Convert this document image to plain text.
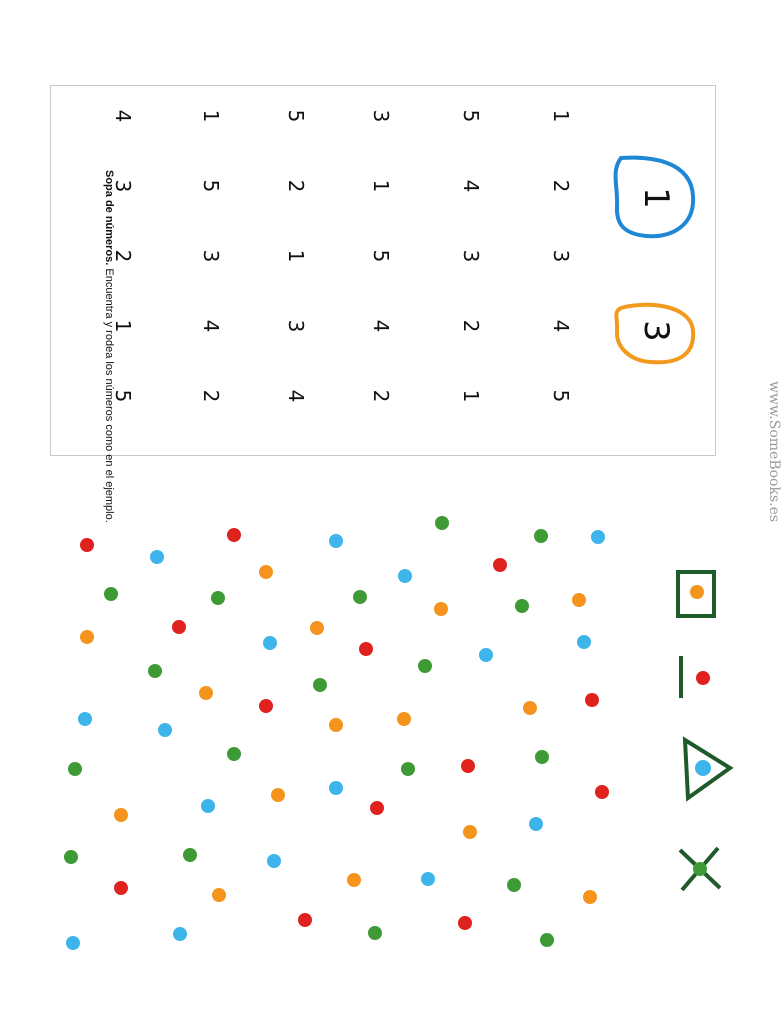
1
2
3
4
5
5
4
3
2
1
3
1
5
4
2
5
2
1
3
4
1
5
3
4
2
4
3
2
1
5
1
3
Sopa de números. Encuentra y rodea los números como en el ejemplo.	www.SomeBooks.es
